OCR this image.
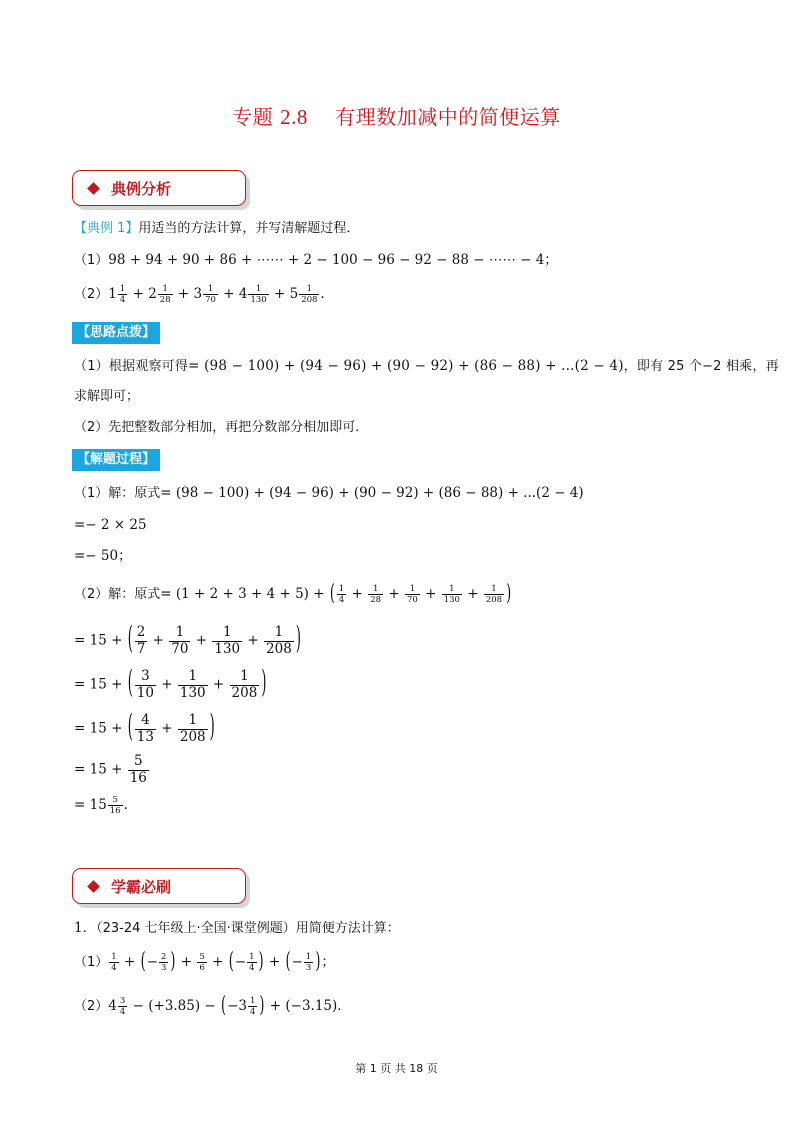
专题 2.8 有理数加减中的简便运算
典例分析
【典例 1】用适当的方法计算，并写清解题过程．
（1）98 + 94 + 90 + 86 + ⋯⋯ + 2 − 100 − 96 − 92 − 88 − ⋯⋯ − 4；
$(2)1 \frac{1}{4} + 2 \frac{1}{28} + 3 \frac{1}{70} + 4 \frac{1}{130} + 5 \frac{1}{208}$ .
【思路点拨】
（1）根据观察可得= (98 − 100) + (94 − 96) + (90 − 92) + (86 − 88) + ...(2 − 4)，即有 25 个−2 相乘，再
求解即可；
（2）先把整数部分相加，再把分数部分相加即可．
【解题过程】
（1）解：原式= (98 − 100) + (94 − 96) + (90 − 92) + (86 − 88) + ...(2 − 4)
=− 2 × 25
=− 50；
（2）解：原式= (1 + 2 + 3 + 4 + 5) + ( $\frac{1}{4} + \frac{1}{28} + \frac{1}{70} + \frac{1}{130} + \frac{1}{208}$ )
= 15 + ( $\frac{2}{7} + \frac{1}{70} + \frac{1}{130} + \frac{1}{208}$ )
= 15 + ( $\frac{3}{10} + \frac{1}{130} + \frac{1}{208}$ )
= 15 + ( $\frac{4}{13} + \frac{1}{208}$ )
= $15 + \frac{5}{16}$
= $15 \frac{5}{16}$ .
学霸必刷
1．（23-24 七年级上·全国·课堂例题）用简便方法计算：
$(1) \frac{1}{4}$ + (− $\frac{2}{3}$ ) + $\frac{5}{6}$ + (− $\frac{1}{4}$ ) + (− $\frac{1}{3}$ )；
$(2)4 \frac{3}{4} - (+3.85) - (-3 \frac{1}{4}$ ) + (−3.15)．
第 1 页 共 18 页
